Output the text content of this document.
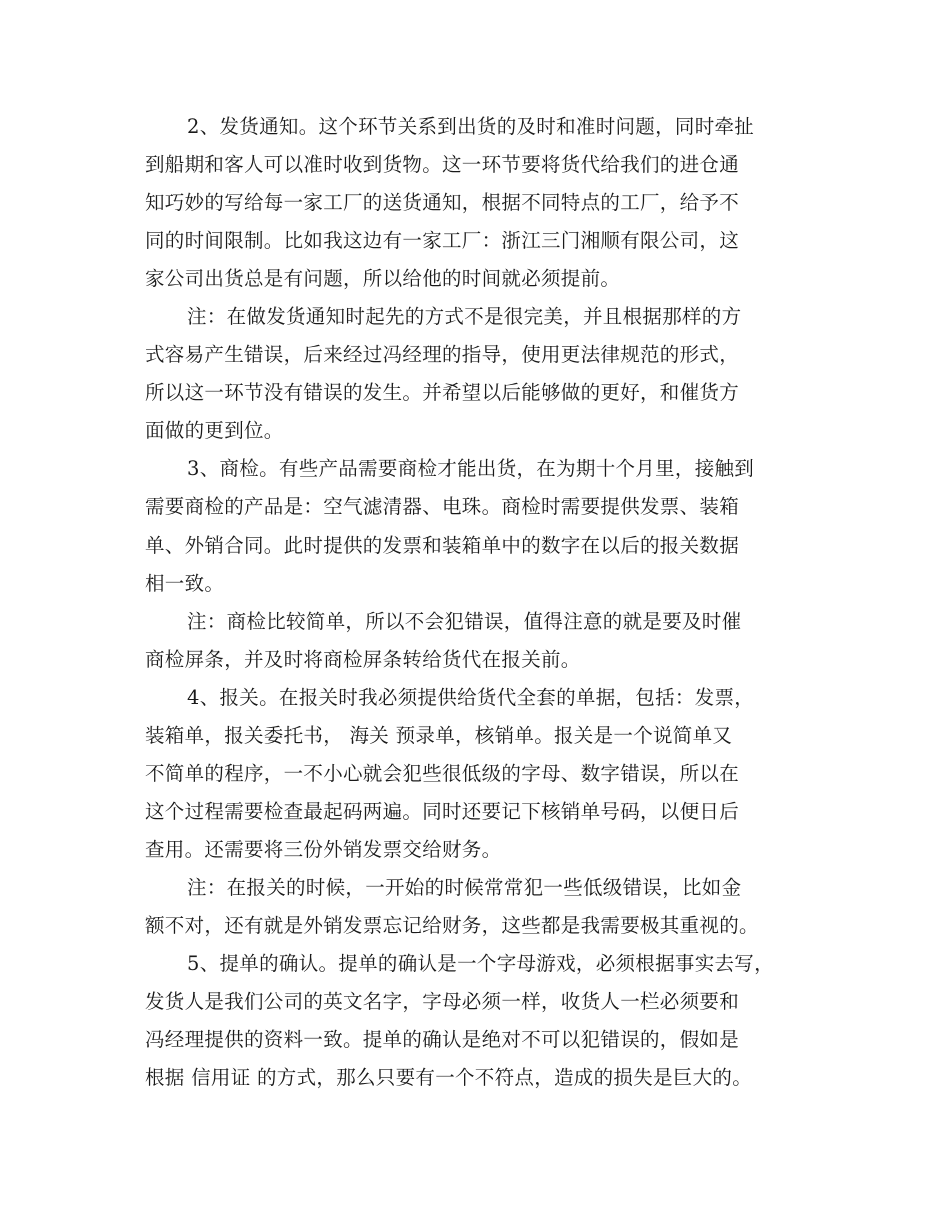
2、发货通知。这个环节关系到出货的及时和准时问题，同时牵扯
到船期和客人可以准时收到货物。这一环节要将货代给我们的进仓通
知巧妙的写给每一家工厂的送货通知，根据不同特点的工厂，给予不
同的时间限制。比如我这边有一家工厂：浙江三门湘顺有限公司，这
家公司出货总是有问题，所以给他的时间就必须提前。
注：在做发货通知时起先的方式不是很完美，并且根据那样的方
式容易产生错误，后来经过冯经理的指导，使用更法律规范的形式，
所以这一环节没有错误的发生。并希望以后能够做的更好，和催货方
面做的更到位。
3、商检。有些产品需要商检才能出货，在为期十个月里，接触到
需要商检的产品是：空气滤清器、电珠。商检时需要提供发票、装箱
单、外销合同。此时提供的发票和装箱单中的数字在以后的报关数据
相一致。
注：商检比较简单，所以不会犯错误，值得注意的就是要及时催
商检屏条，并及时将商检屏条转给货代在报关前。
4、报关。在报关时我必须提供给货代全套的单据，包括：发票，
装箱单，报关委托书， 海关 预录单，核销单。报关是一个说简单又
不简单的程序，一不小心就会犯些很低级的字母、数字错误，所以在
这个过程需要检查最起码两遍。同时还要记下核销单号码，以便日后
查用。还需要将三份外销发票交给财务。
注：在报关的时候，一开始的时候常常犯一些低级错误，比如金
额不对，还有就是外销发票忘记给财务，这些都是我需要极其重视的。
5、提单的确认。提单的确认是一个字母游戏，必须根据事实去写，
发货人是我们公司的英文名字，字母必须一样，收货人一栏必须要和
冯经理提供的资料一致。提单的确认是绝对不可以犯错误的，假如是
根据 信用证 的方式，那么只要有一个不符点，造成的损失是巨大的。
